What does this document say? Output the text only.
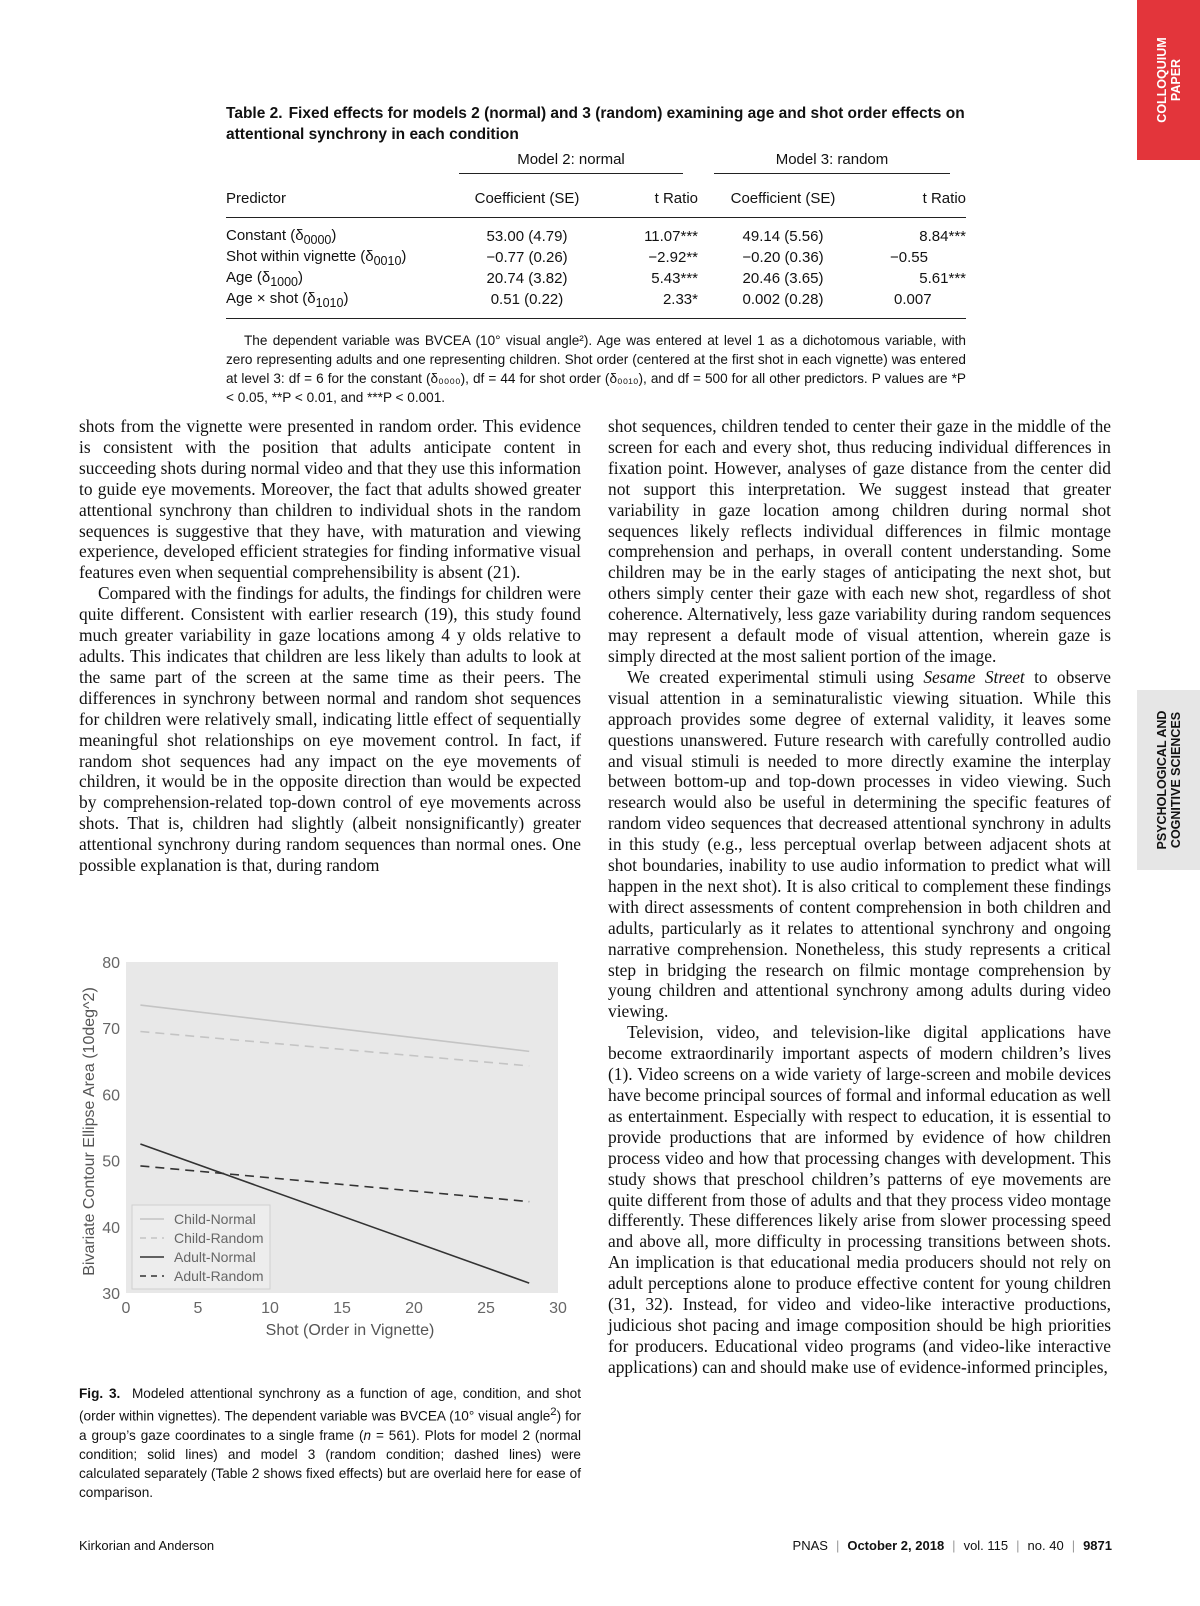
COLLOQUIUM
PAPER
PSYCHOLOGICAL AND
COGNITIVE SCIENCES
Table 2. Fixed effects for models 2 (normal) and 3 (random) examining age and shot order effects on attentional synchrony in each condition
	Model 2: normal		Model 3: random	
Predictor	Coefficient (SE)	t Ratio	Coefficient (SE)	t Ratio
Constant $(\delta_{0000})$	53.00 (4.79)	11.07***	49.14 (5.56)	8.84***
Shot within vignette $(\delta_{0010})$	−0.77 (0.26)	−2.92**	−0.20 (0.36)	−0.55
Age $(\delta_{1000})$	20.74 (3.82)	5.43***	20.46 (3.65)	5.61***
Age × shot $(\delta_{1010})$	0.51 (0.22)	2.33*	0.002 (0.28)	0.007

The dependent variable was BVCEA (10° visual angle²). Age was entered at level 1 as a dichotomous variable, with zero representing adults and one representing children. Shot order (centered at the first shot in each vignette) was entered at level 3: df = 6 for the constant (δ₀₀₀₀), df = 44 for shot order (δ₀₀₁₀), and df = 500 for all other predictors. P values are *P < 0.05, **P < 0.01, and ***P < 0.001.

shots from the vignette were presented in random order. This evidence is consistent with the position that adults anticipate content in succeeding shots during normal video and that they use this information to guide eye movements. Moreover, the fact that adults showed greater attentional synchrony than children to individual shots in the random sequences is suggestive that they have, with maturation and viewing experience, developed efficient strategies for finding informative visual features even when sequential comprehensibility is absent (21).

Compared with the findings for adults, the findings for children were quite different. Consistent with earlier research (19), this study found much greater variability in gaze locations among 4 y olds relative to adults. This indicates that children are less likely than adults to look at the same part of the screen at the same time as their peers. The differences in synchrony between normal and random shot sequences for children were relatively small, indicating little effect of sequentially meaningful shot relationships on eye movement control. In fact, if random shot sequences had any impact on the eye movements of children, it would be in the opposite direction than would be expected by comprehension-related top-down control of eye movements across shots. That is, children had slightly (albeit nonsignificantly) greater attentional synchrony during random sequences than normal ones. One possible explanation is that, during random

shot sequences, children tended to center their gaze in the middle of the screen for each and every shot, thus reducing individual differences in fixation point. However, analyses of gaze distance from the center did not support this interpretation. We suggest instead that greater variability in gaze location among children during normal shot sequences likely reflects individual differences in filmic montage comprehension and perhaps, in overall content understanding. Some children may be in the early stages of anticipating the next shot, but others simply center their gaze with each new shot, regardless of shot coherence. Alternatively, less gaze variability during random sequences may represent a default mode of visual attention, wherein gaze is simply directed at the most salient portion of the image.

We created experimental stimuli using Sesame Street to observe visual attention in a seminaturalistic viewing situation. While this approach provides some degree of external validity, it leaves some questions unanswered. Future research with carefully controlled audio and visual stimuli is needed to more directly examine the interplay between bottom-up and top-down processes in video viewing. Such research would also be useful in determining the specific features of random video sequences that decreased attentional synchrony in adults in this study (e.g., less perceptual overlap between adjacent shots at shot boundaries, inability to use audio information to predict what will happen in the next shot). It is also critical to complement these findings with direct assessments of content comprehension in both children and adults, particularly as it relates to attentional synchrony and ongoing narrative comprehension. Nonetheless, this study represents a critical step in bridging the research on filmic montage comprehension by young children and attentional synchrony among adults during video viewing.

Television, video, and television-like digital applications have become extraordinarily important aspects of modern children’s lives (1). Video screens on a wide variety of large-screen and mobile devices have become principal sources of formal and informal education as well as entertainment. Especially with respect to education, it is essential to provide productions that are informed by evidence of how children process video and how that processing changes with development. This study shows that preschool children’s patterns of eye movements are quite different from those of adults and that they process video montage differently. These differences likely arise from slower processing speed and above all, more difficulty in processing transitions between shots. An implication is that educational media producers should not rely on adult perceptions alone to produce effective content for young children (31, 32). Instead, for video and video-like interactive productions, judicious shot pacing and image composition should be high priorities for producers. Educational video programs (and video-like interactive applications) can and should make use of evidence-informed principles,

0	5	10	15	20	25	30
30
40
50
60
70
80
Shot (Order in Vignette)
Bivariate Contour Ellipse Area (10deg^2)	Child-Normal
Child-Random
Adult-Normal
Adult-Random
Fig. 3. Modeled attentional synchrony as a function of age, condition, and shot (order within vignettes). The dependent variable was BVCEA (10° visual angle$^2$) for a group’s gaze coordinates to a single frame (n = 561). Plots for model 2 (normal condition; solid lines) and model 3 (random condition; dashed lines) were calculated separately (Table 2 shows fixed effects) but are overlaid here for ease of comparison.
Kirkorian and Anderson	PNAS | October 2, 2018 | vol. 115 | no. 40 | 9871
